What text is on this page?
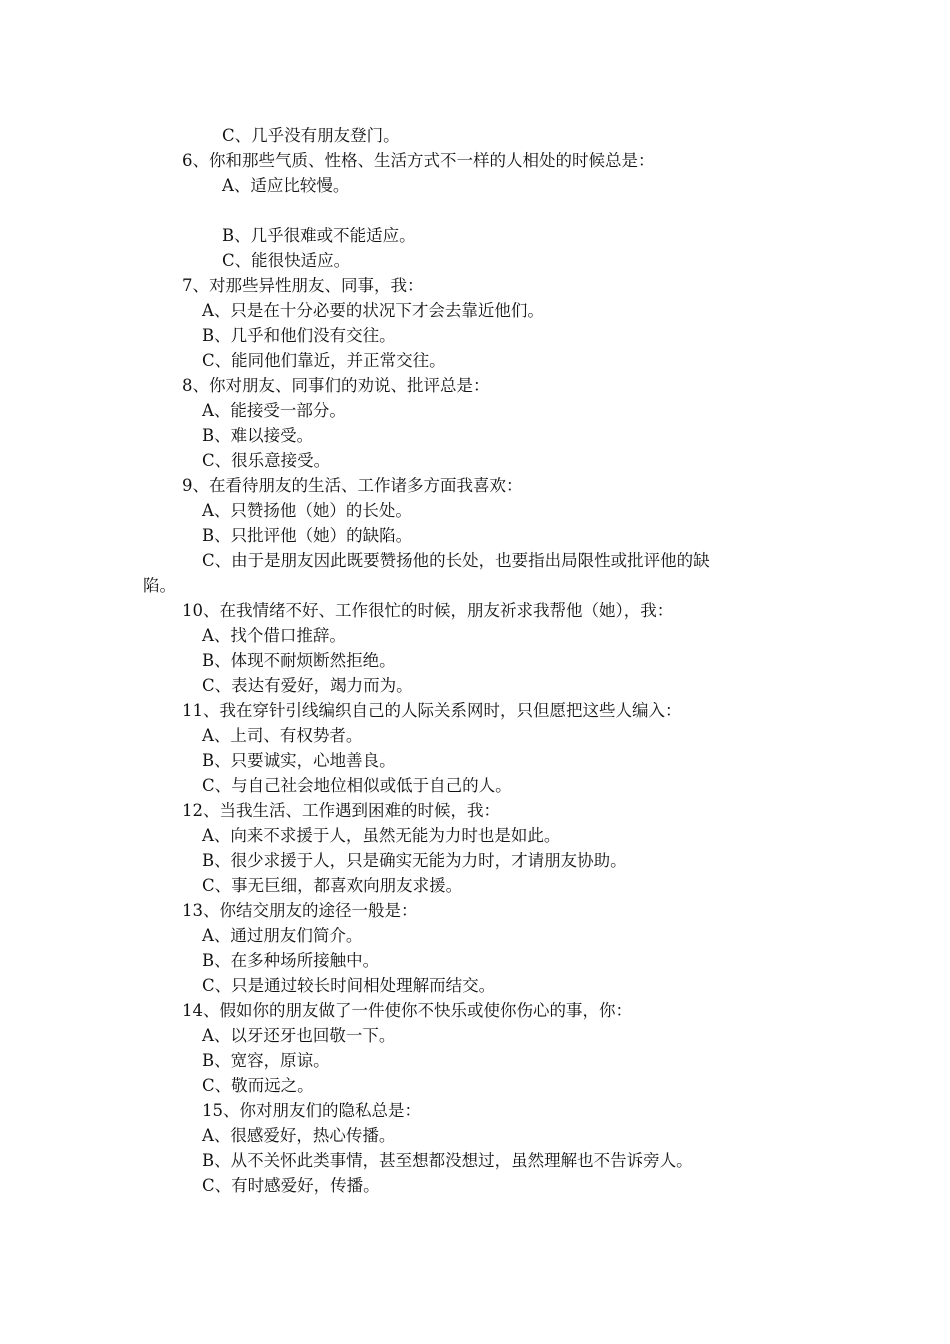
C、几乎没有朋友登门。
6、你和那些气质、性格、生活方式不一样的人相处的时候总是：
A、适应比较慢。
B、几乎很难或不能适应。
C、能很快适应。
7、对那些异性朋友、同事，我：
A、只是在十分必要的状况下才会去靠近他们。
B、几乎和他们没有交往。
C、能同他们靠近，并正常交往。
8、你对朋友、同事们的劝说、批评总是：
A、能接受一部分。
B、难以接受。
C、很乐意接受。
9、在看待朋友的生活、工作诸多方面我喜欢：
A、只赞扬他（她）的长处。
B、只批评他（她）的缺陷。
C、由于是朋友因此既要赞扬他的长处，也要指出局限性或批评他的缺
陷。
10、在我情绪不好、工作很忙的时候，朋友祈求我帮他（她），我：
A、找个借口推辞。
B、体现不耐烦断然拒绝。
C、表达有爱好，竭力而为。
11、我在穿针引线编织自己的人际关系网时，只但愿把这些人编入：
A、上司、有权势者。
B、只要诚实，心地善良。
C、与自己社会地位相似或低于自己的人。
12、当我生活、工作遇到困难的时候，我：
A、向来不求援于人，虽然无能为力时也是如此。
B、很少求援于人，只是确实无能为力时，才请朋友协助。
C、事无巨细，都喜欢向朋友求援。
13、你结交朋友的途径一般是：
A、通过朋友们简介。
B、在多种场所接触中。
C、只是通过较长时间相处理解而结交。
14、假如你的朋友做了一件使你不快乐或使你伤心的事，你：
A、以牙还牙也回敬一下。
B、宽容，原谅。
C、敬而远之。
15、你对朋友们的隐私总是：
A、很感爱好，热心传播。
B、从不关怀此类事情，甚至想都没想过，虽然理解也不告诉旁人。
C、有时感爱好，传播。
